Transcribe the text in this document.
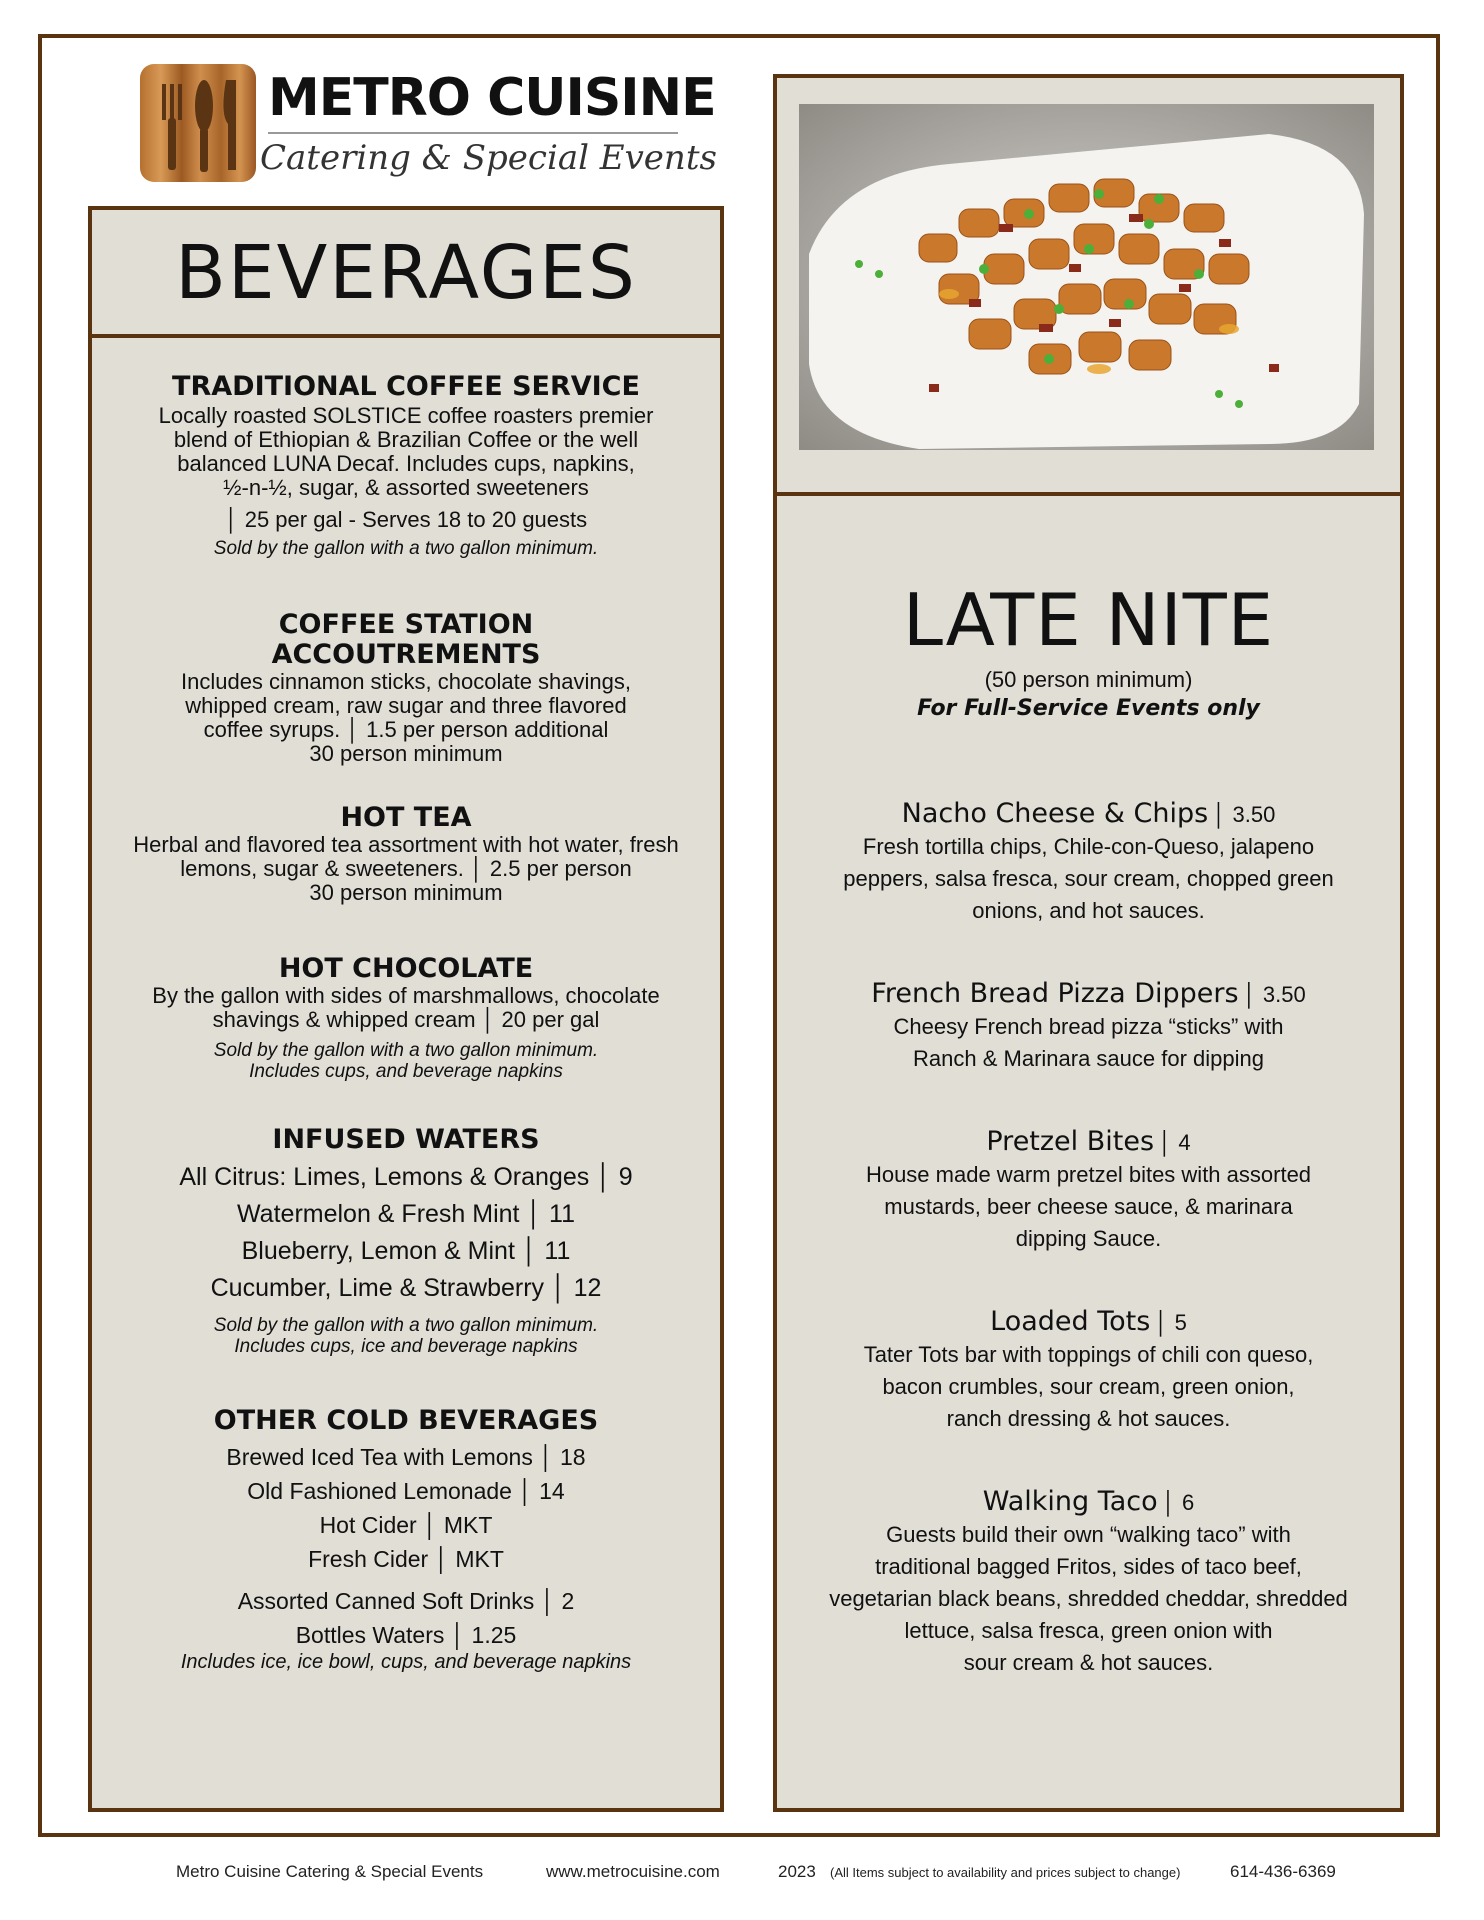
METRO CUISINE
Catering & Special Events
BEVERAGES
TRADITIONAL COFFEE SERVICE
Locally roasted SOLSTICE coffee roasters premier
blend of Ethiopian & Brazilian Coffee or the well
balanced LUNA Decaf. Includes cups, napkins,
½-n-½, sugar, & assorted sweeteners
│ 25 per gal - Serves 18 to 20 guests
Sold by the gallon with a two gallon minimum.
COFFEE STATION
ACCOUTREMENTS
Includes cinnamon sticks, chocolate shavings,
whipped cream, raw sugar and three flavored
coffee syrups. │ 1.5 per person additional
30 person minimum
HOT TEA
Herbal and flavored tea assortment with hot water, fresh
lemons, sugar & sweeteners. │ 2.5 per person
30 person minimum
HOT CHOCOLATE
By the gallon with sides of marshmallows, chocolate
shavings & whipped cream │ 20 per gal
Sold by the gallon with a two gallon minimum.
Includes cups, and beverage napkins
INFUSED WATERS
All Citrus: Limes, Lemons & Oranges │ 9
Watermelon & Fresh Mint │ 11
Blueberry, Lemon & Mint │ 11
Cucumber, Lime & Strawberry │ 12
Sold by the gallon with a two gallon minimum.
Includes cups, ice and beverage napkins
OTHER COLD BEVERAGES
Brewed Iced Tea with Lemons │ 18
Old Fashioned Lemonade │ 14
Hot Cider │ MKT
Fresh Cider │ MKT
Assorted Canned Soft Drinks │ 2
Bottles Waters │ 1.25
Includes ice, ice bowl, cups, and beverage napkins
LATE NITE
(50 person minimum)
For Full-Service Events only
Nacho Cheese & Chips │ 3.50
Fresh tortilla chips, Chile-con-Queso, jalapeno
peppers, salsa fresca, sour cream, chopped green
onions, and hot sauces.
French Bread Pizza Dippers │ 3.50
Cheesy French bread pizza “sticks” with
Ranch & Marinara sauce for dipping
Pretzel Bites │ 4
House made warm pretzel bites with assorted
mustards, beer cheese sauce, & marinara
dipping Sauce.
Loaded Tots │ 5
Tater Tots bar with toppings of chili con queso,
bacon crumbles, sour cream, green onion,
ranch dressing & hot sauces.
Walking Taco │ 6
Guests build their own “walking taco” with
traditional bagged Fritos, sides of taco beef,
vegetarian black beans, shredded cheddar, shredded
lettuce, salsa fresca, green onion with
sour cream & hot sauces.
Metro Cuisine Catering & Special Events	www.metrocuisine.com	2023 (All Items subject to availability and prices subject to change)	614-436-6369
